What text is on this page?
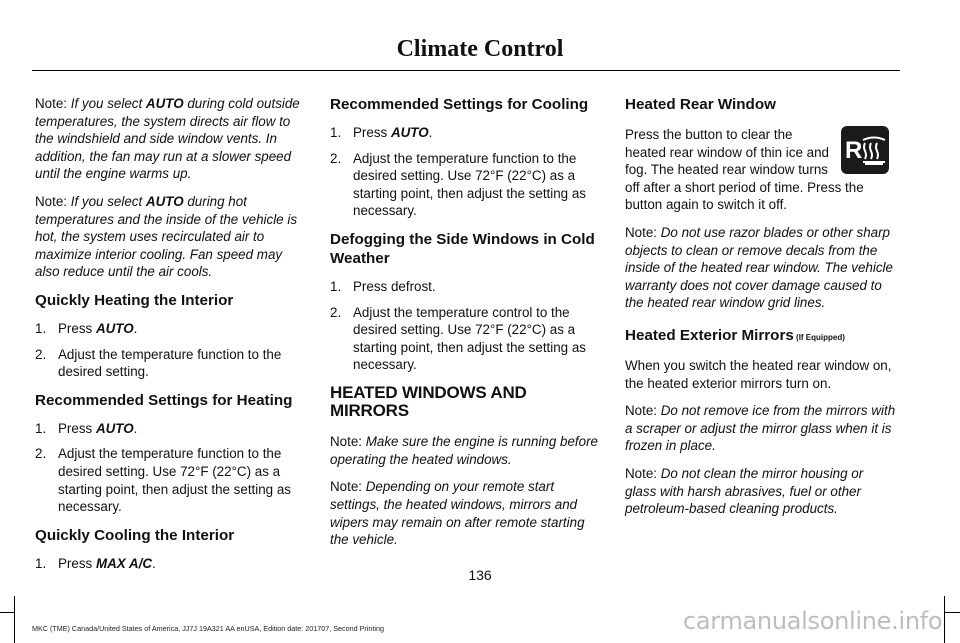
Climate Control

Note: If you select AUTO during cold outside temperatures, the system directs air flow to the windshield and side window vents. In addition, the fan may run at a slower speed until the engine warms up.

Note: If you select AUTO during hot temperatures and the inside of the vehicle is hot, the system uses recirculated air to maximize interior cooling. Fan speed may also reduce until the air cools.

Quickly Heating the Interior
1. Press AUTO.
2. Adjust the temperature function to the desired setting.
Recommended Settings for Heating
1. Press AUTO.
2. Adjust the temperature function to the desired setting. Use 72°F (22°C) as a starting point, then adjust the setting as necessary.
Quickly Cooling the Interior
1. Press MAX A/C.
Recommended Settings for Cooling
1. Press AUTO.
2. Adjust the temperature function to the desired setting. Use 72°F (22°C) as a starting point, then adjust the setting as necessary.
Defogging the Side Windows in Cold Weather
1. Press defrost.
2. Adjust the temperature control to the desired setting. Use 72°F (22°C) as a starting point, then adjust the setting as necessary.
HEATED WINDOWS AND MIRRORS

Note: Make sure the engine is running before operating the heated windows.

Note: Depending on your remote start settings, the heated windows, mirrors and wipers may remain on after remote starting the vehicle.

Heated Rear Window
R

Press the button to clear the heated rear window of thin ice and fog. The heated rear window turns off after a short period of time. Press the button again to switch it off.

Note: Do not use razor blades or other sharp objects to clean or remove decals from the inside of the heated rear window. The vehicle warranty does not cover damage caused to the heated rear window grid lines.

Heated Exterior Mirrors (If Equipped)

When you switch the heated rear window on, the heated exterior mirrors turn on.

Note: Do not remove ice from the mirrors with a scraper or adjust the mirror glass when it is frozen in place.

Note: Do not clean the mirror housing or glass with harsh abrasives, fuel or other petroleum-based cleaning products.

136
carmanualsonline.info
MKC (TME) Canada/United States of America, JJ7J 19A321 AA enUSA, Edition date: 201707, Second Printing
